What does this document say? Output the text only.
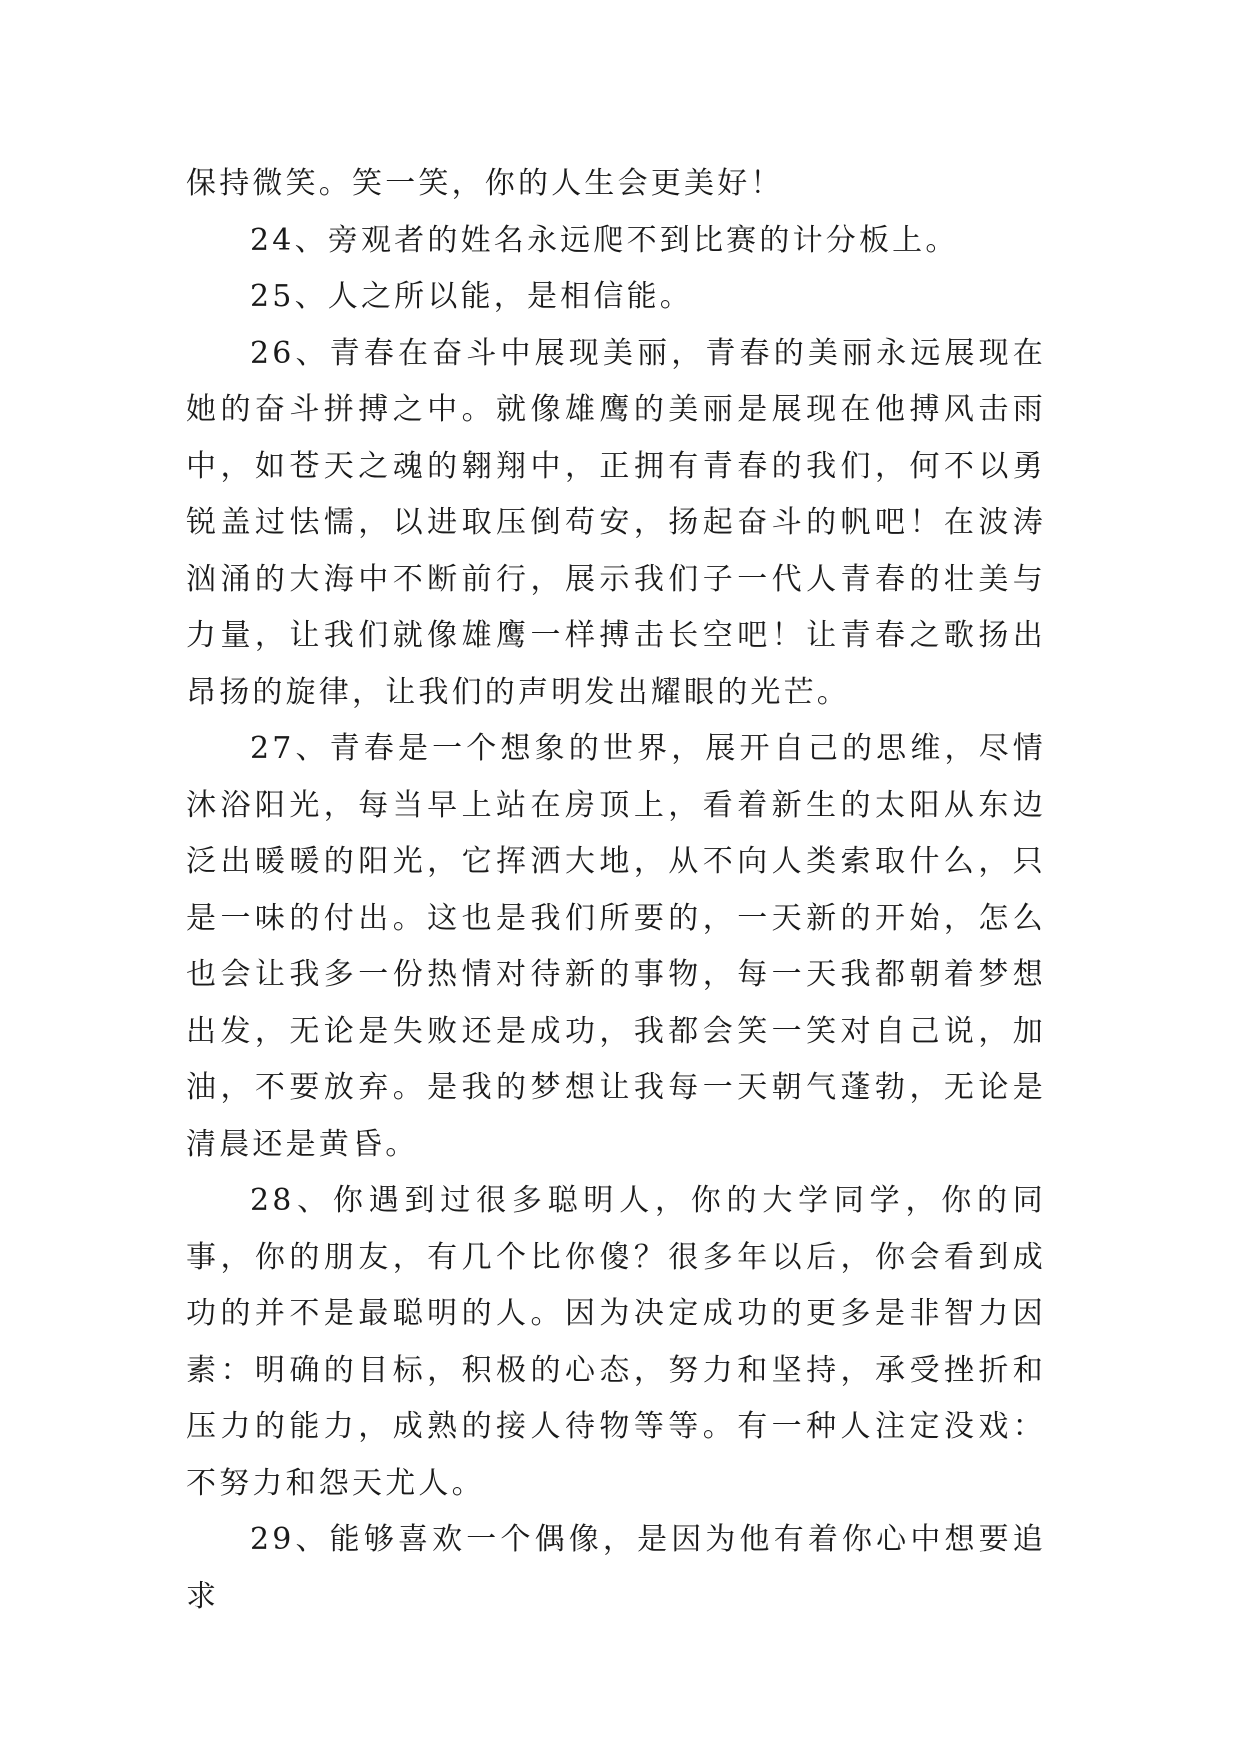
保持微笑。笑一笑，你的人生会更美好！

24、旁观者的姓名永远爬不到比赛的计分板上。

25、人之所以能，是相信能。

26、青春在奋斗中展现美丽，青春的美丽永远展现在她的奋斗拼搏之中。就像雄鹰的美丽是展现在他搏风击雨中，如苍天之魂的翱翔中，正拥有青春的我们，何不以勇锐盖过怯懦，以进取压倒苟安，扬起奋斗的帆吧！在波涛汹涌的大海中不断前行，展示我们子一代人青春的壮美与力量，让我们就像雄鹰一样搏击长空吧！让青春之歌扬出昂扬的旋律，让我们的声明发出耀眼的光芒。

27、青春是一个想象的世界，展开自己的思维，尽情沐浴阳光，每当早上站在房顶上，看着新生的太阳从东边泛出暖暖的阳光，它挥洒大地，从不向人类索取什么，只是一味的付出。这也是我们所要的，一天新的开始，怎么也会让我多一份热情对待新的事物，每一天我都朝着梦想出发，无论是失败还是成功，我都会笑一笑对自己说，加油，不要放弃。是我的梦想让我每一天朝气蓬勃，无论是清晨还是黄昏。

28、你遇到过很多聪明人，你的大学同学，你的同事，你的朋友，有几个比你傻？很多年以后，你会看到成功的并不是最聪明的人。因为决定成功的更多是非智力因素：明确的目标，积极的心态，努力和坚持，承受挫折和压力的能力，成熟的接人待物等等。有一种人注定没戏：不努力和怨天尤人。

29、能够喜欢一个偶像，是因为他有着你心中想要追求
